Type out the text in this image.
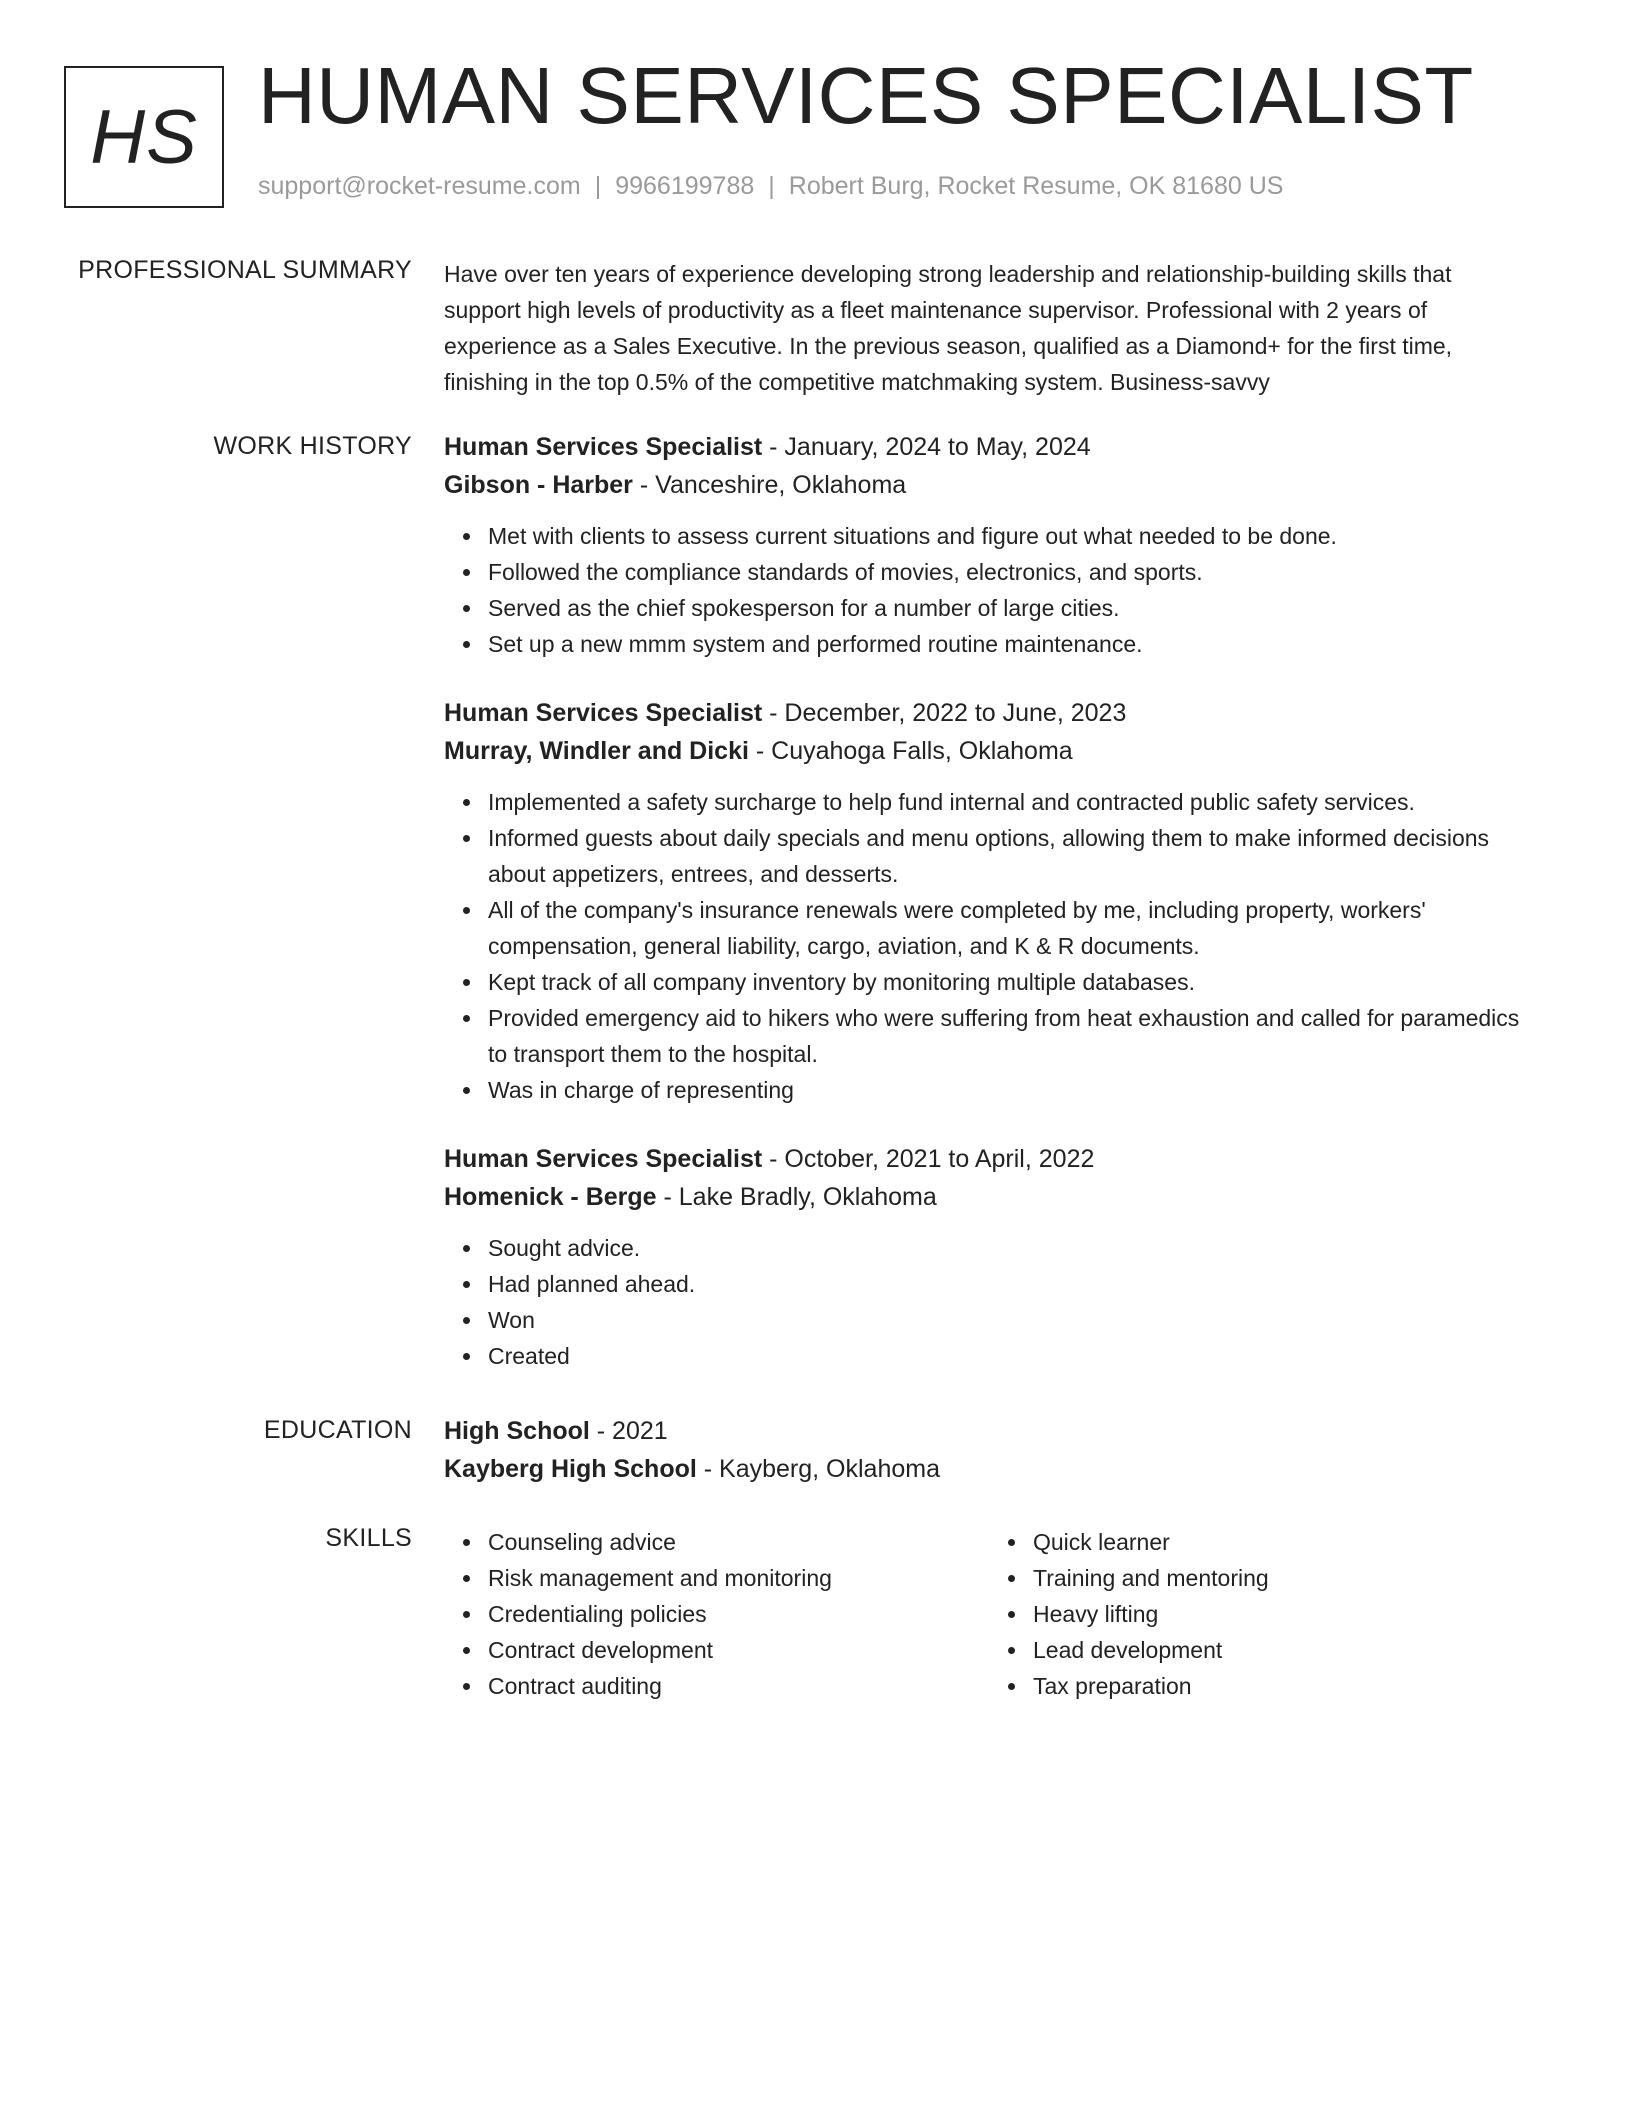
HS HUMAN SERVICES SPECIALIST
support@rocket-resume.com | 9966199788 | Robert Burg, Rocket Resume, OK 81680 US
PROFESSIONAL SUMMARY Have over ten years of experience developing strong leadership and relationship-building skills that support high levels of productivity as a fleet maintenance supervisor. Professional with 2 years of experience as a Sales Executive. In the previous season, qualified as a Diamond+ for the first time, finishing in the top 0.5% of the competitive matchmaking system. Business-savvy

WORK HISTORY Human Services Specialist - January, 2024 to May, 2024
Gibson - Harber - Vanceshire, Oklahoma
Met with clients to assess current situations and figure out what needed to be done.
Followed the compliance standards of movies, electronics, and sports.
Served as the chief spokesperson for a number of large cities.
Set up a new mmm system and performed routine maintenance.
Human Services Specialist - December, 2022 to June, 2023
Murray, Windler and Dicki - Cuyahoga Falls, Oklahoma
Implemented a safety surcharge to help fund internal and contracted public safety services.
Informed guests about daily specials and menu options, allowing them to make informed decisions about appetizers, entrees, and desserts.
All of the company's insurance renewals were completed by me, including property, workers' compensation, general liability, cargo, aviation, and K & R documents.
Kept track of all company inventory by monitoring multiple databases.
Provided emergency aid to hikers who were suffering from heat exhaustion and called for paramedics to transport them to the hospital.
Was in charge of representing
Human Services Specialist - October, 2021 to April, 2022
Homenick - Berge - Lake Bradly, Oklahoma
Sought advice.
Had planned ahead.
Won
Created
EDUCATION High School - 2021
Kayberg High School - Kayberg, Oklahoma
SKILLS	Counseling advice
Risk management and monitoring
Credentialing policies
Contract development
Contract auditing
Quick learner
Training and mentoring
Heavy lifting
Lead development
Tax preparation
